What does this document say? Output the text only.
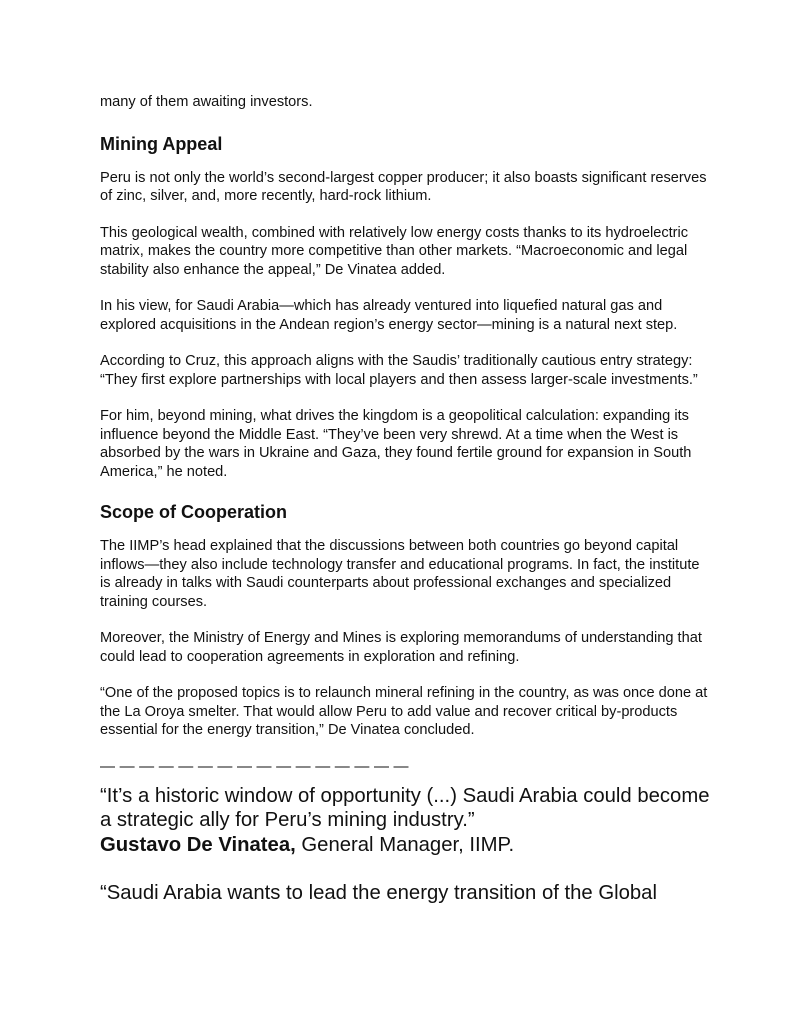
many of them awaiting investors.

Mining Appeal

Peru is not only the world’s second-largest copper producer; it also boasts significant reserves of zinc, silver, and, more recently, hard-rock lithium.

This geological wealth, combined with relatively low energy costs thanks to its hydroelectric matrix, makes the country more competitive than other markets. “Macroeconomic and legal stability also enhance the appeal,” De Vinatea added.

In his view, for Saudi Arabia—which has already ventured into liquefied natural gas and explored acquisitions in the Andean region’s energy sector—mining is a natural next step.

According to Cruz, this approach aligns with the Saudis’ traditionally cautious entry strategy: “They first explore partnerships with local players and then assess larger-scale investments.”

For him, beyond mining, what drives the kingdom is a geopolitical calculation: expanding its influence beyond the Middle East. “They’ve been very shrewd. At a time when the West is absorbed by the wars in Ukraine and Gaza, they found fertile ground for expansion in South America,” he noted.

Scope of Cooperation

The IIMP’s head explained that the discussions between both countries go beyond capital inflows—they also include technology transfer and educational programs. In fact, the institute is already in talks with Saudi counterparts about professional exchanges and specialized training courses.

Moreover, the Ministry of Energy and Mines is exploring memorandums of understanding that could lead to cooperation agreements in exploration and refining.

“One of the proposed topics is to relaunch mineral refining in the country, as was once done at the La Oroya smelter. That would allow Peru to add value and recover critical by-products essential for the energy transition,” De Vinatea concluded.

— — — — — — — — — — — — — — — —

“It’s a historic window of opportunity (...) Saudi Arabia could become a strategic ally for Peru’s mining industry.”

Gustavo De Vinatea, General Manager, IIMP.

“Saudi Arabia wants to lead the energy transition of the Global
